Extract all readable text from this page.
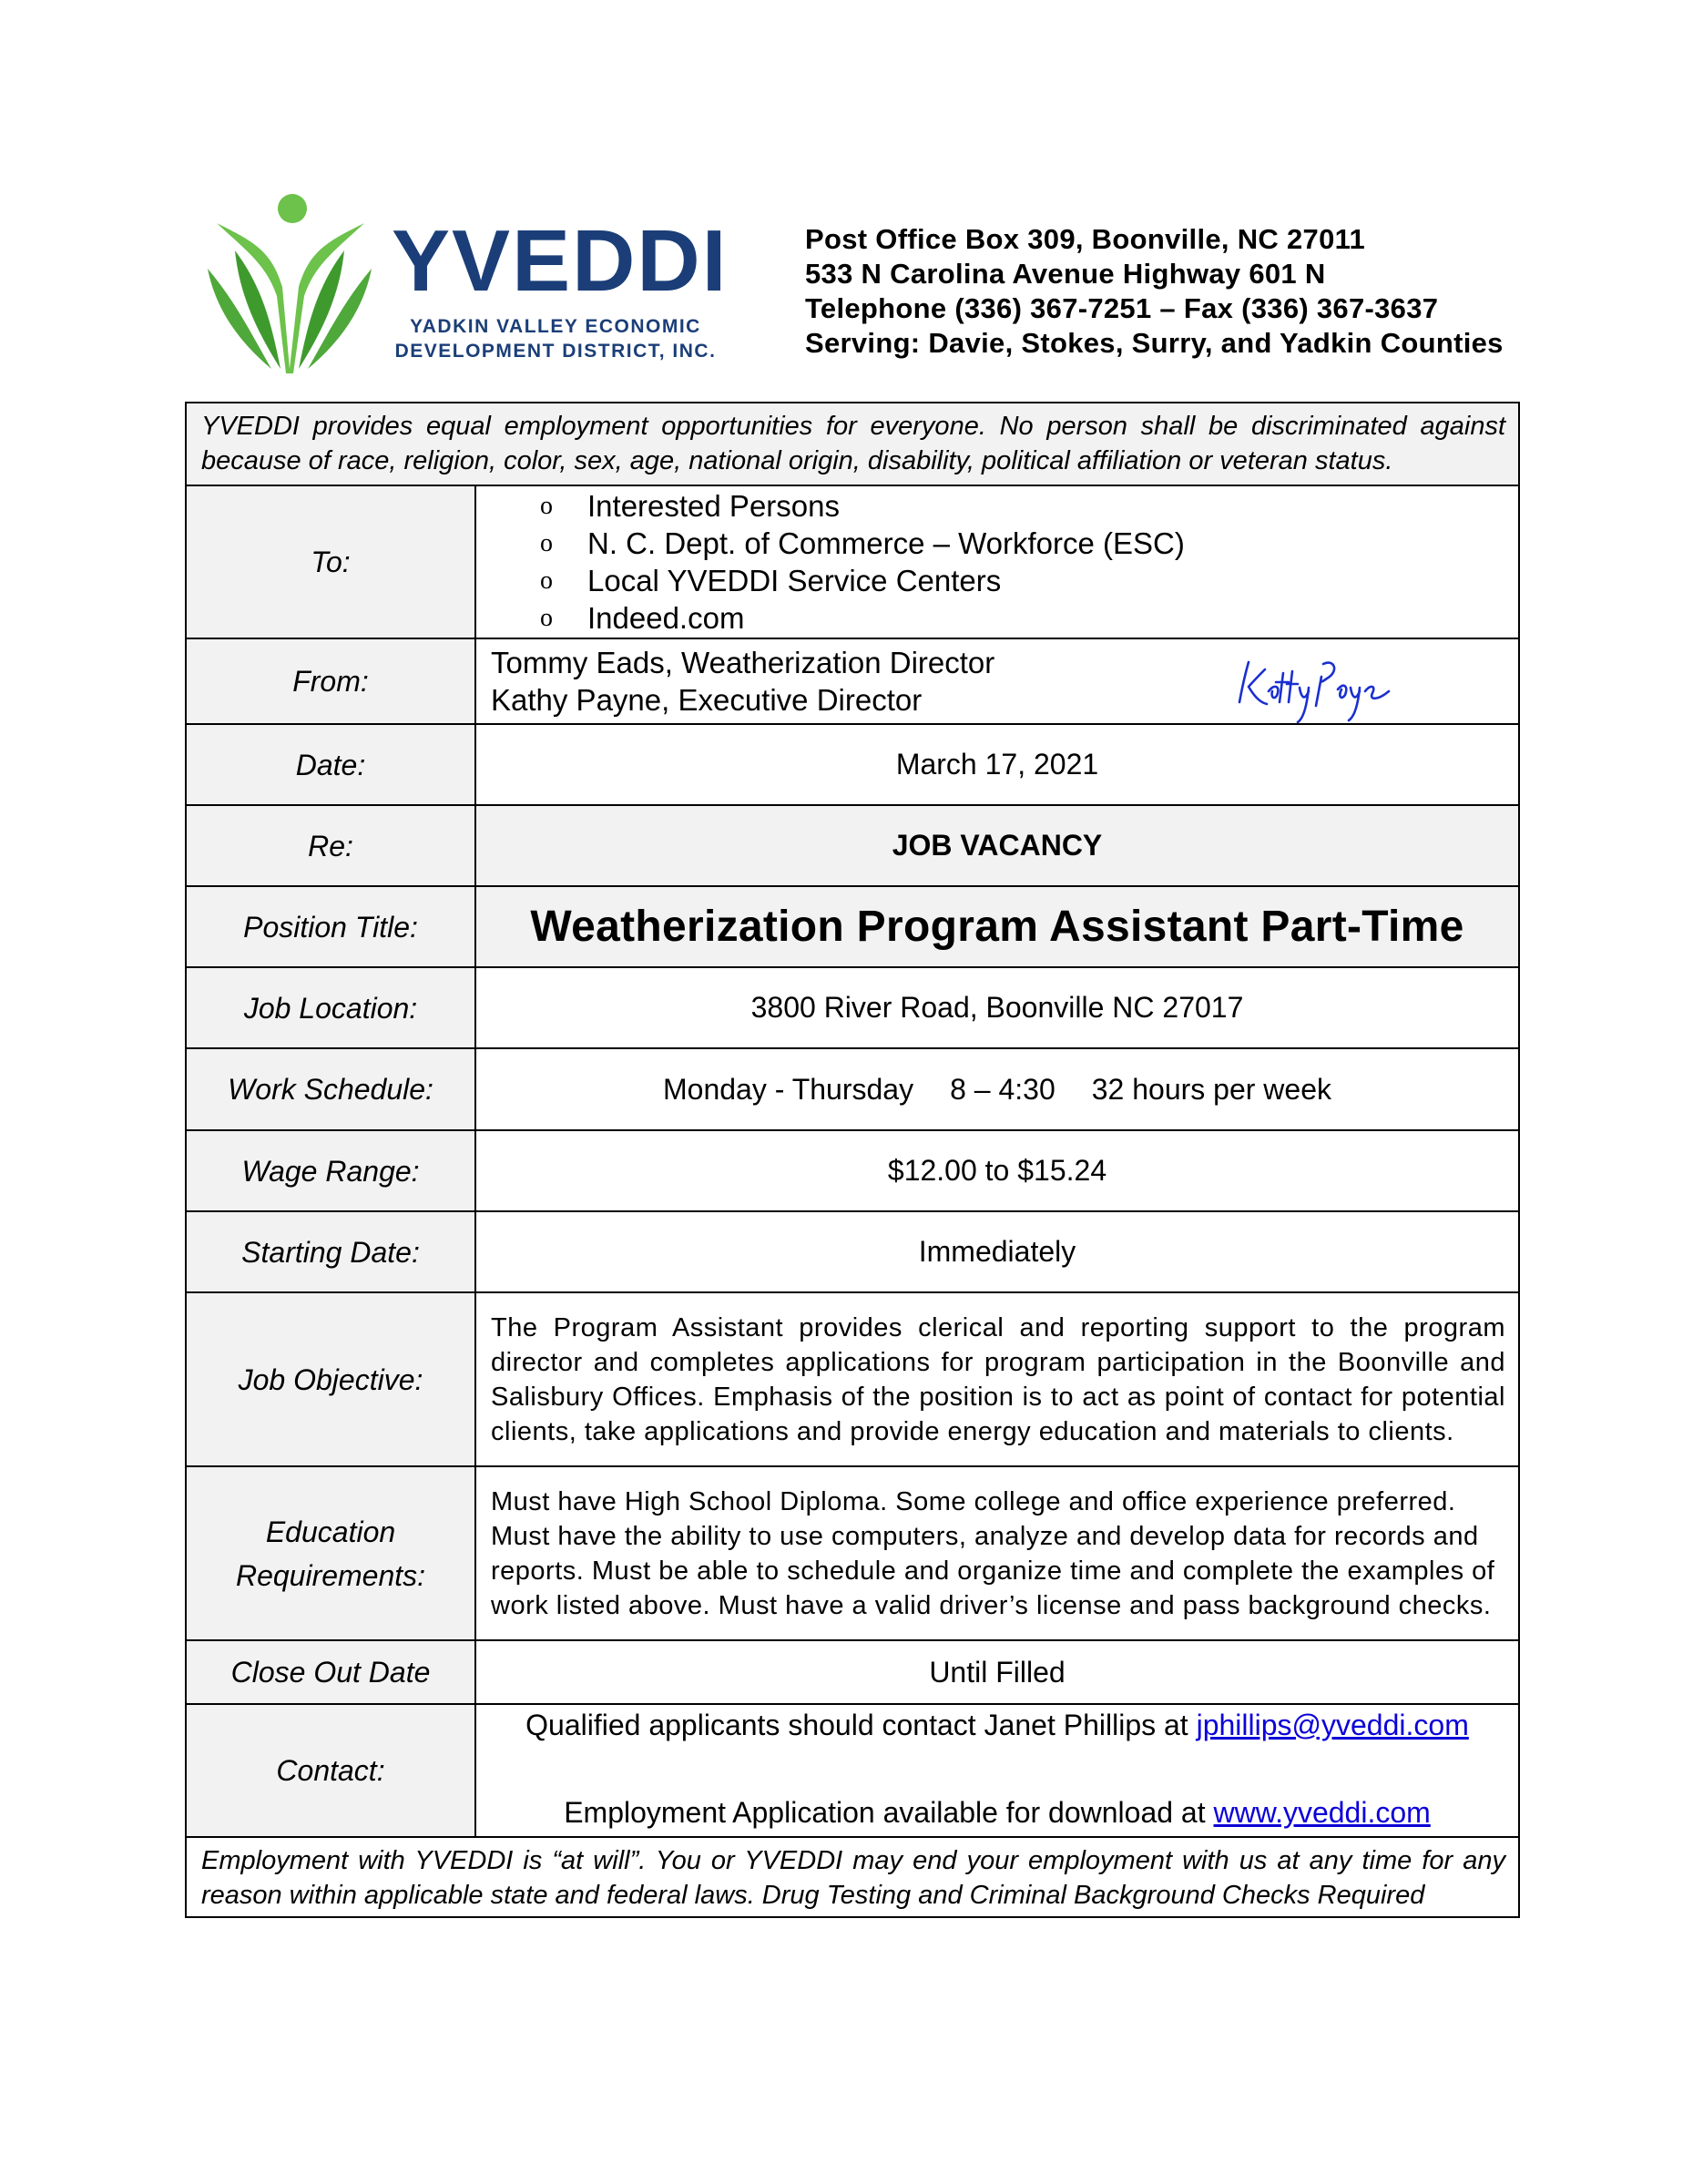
YVEDDI
YADKIN VALLEY ECONOMIC
DEVELOPMENT DISTRICT, INC.
Post Office Box 309, Boonville, NC 27011
533 N Carolina Avenue Highway 601 N
Telephone (336) 367-7251 – Fax (336) 367-3637
Serving: Davie, Stokes, Surry, and Yadkin Counties
YVEDDI provides equal employment opportunities for everyone. No person shall be discriminated against because of race, religion, color, sex, age, national origin, disability, political affiliation or veteran status.
To:
o Interested Persons
o N. C. Dept. of Commerce – Workforce (ESC)
o Local YVEDDI Service Centers
o Indeed.com
From:
Tommy Eads, Weatherization Director
Kathy Payne, Executive Director
Date:	March 17, 2021
Re:	JOB VACANCY
Position Title:	Weatherization Program Assistant Part-Time
Job Location:	3800 River Road, Boonville NC 27017
Work Schedule:	Monday - Thursday 8 – 4:30 32 hours per week
Wage Range:	$12.00 to $15.24
Starting Date:	Immediately
Job Objective:
The Program Assistant provides clerical and reporting support to the program director and completes applications for program participation in the Boonville and Salisbury Offices. Emphasis of the position is to act as point of contact for potential clients, take applications and provide energy education and materials to clients.
Education
Requirements:
Must have High School Diploma. Some college and office experience preferred. Must have the ability to use computers, analyze and develop data for records and reports. Must be able to schedule and organize time and complete the examples of work listed above. Must have a valid driver’s license and pass background checks.
Close Out Date	Until Filled
Contact:
Qualified applicants should contact Janet Phillips at jphillips@yveddi.com
Employment Application available for download at www.yveddi.com
Employment with YVEDDI is “at will”. You or YVEDDI may end your employment with us at any time for any reason within applicable state and federal laws. Drug Testing and Criminal Background Checks Required
